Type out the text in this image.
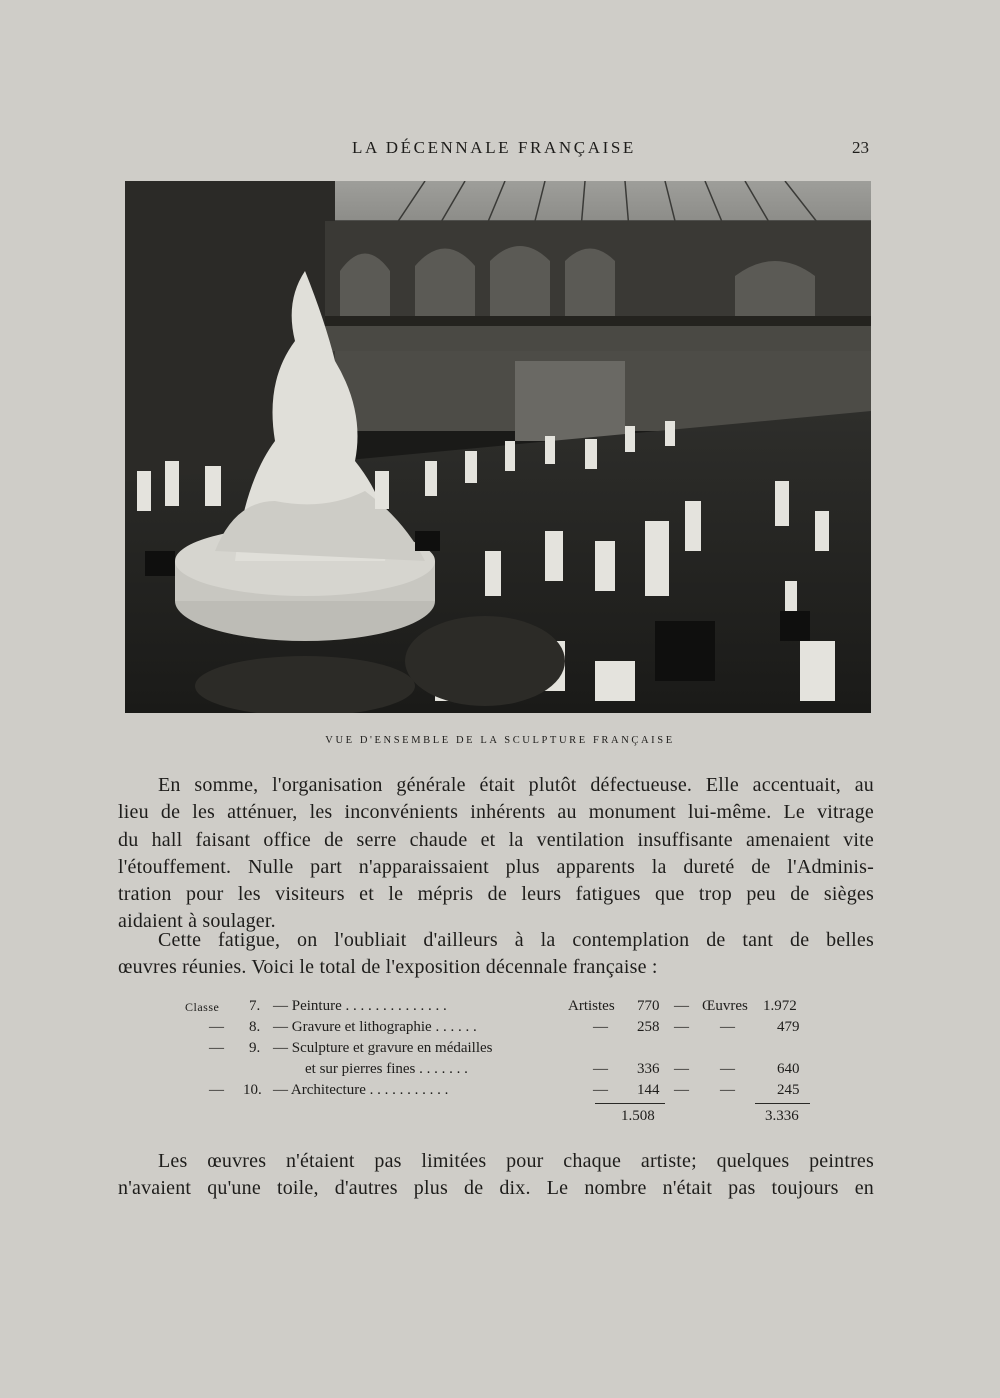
LA DÉCENNALE FRANÇAISE	23
VUE D'ENSEMBLE DE LA SCULPTURE FRANÇAISE

En somme, l'organisation générale était plutôt défectueuse. Elle accentuait, au
lieu de les atténuer, les inconvénients inhérents au monument lui-même. Le vitrage
du hall faisant office de serre chaude et la ventilation insuffisante amenaient vite
l'étouffement. Nulle part n'apparaissaient plus apparents la dureté de l'Adminis-
tration pour les visiteurs et le mépris de leurs fatigues que trop peu de sièges
aidaient à soulager.

Cette fatigue, on l'oubliait d'ailleurs à la contemplation de tant de belles
œuvres réunies. Voici le total de l'exposition décennale française :

Classe 7. — Peinture . . . . . . . . . . . . . .	Artistes 770 — Œuvres 1.972
— 8. — Gravure et lithographie . . . . . .	— 258 — —	479
— 9. — Sculpture et gravure en médailles
et sur pierres fines . . . . . . .	— 336 — —	640
— 10. — Architecture . . . . . . . . . . .	— 144 — —	245
1.508	3.336

Les œuvres n'étaient pas limitées pour chaque artiste; quelques peintres
n'avaient qu'une toile, d'autres plus de dix. Le nombre n'était pas toujours en
